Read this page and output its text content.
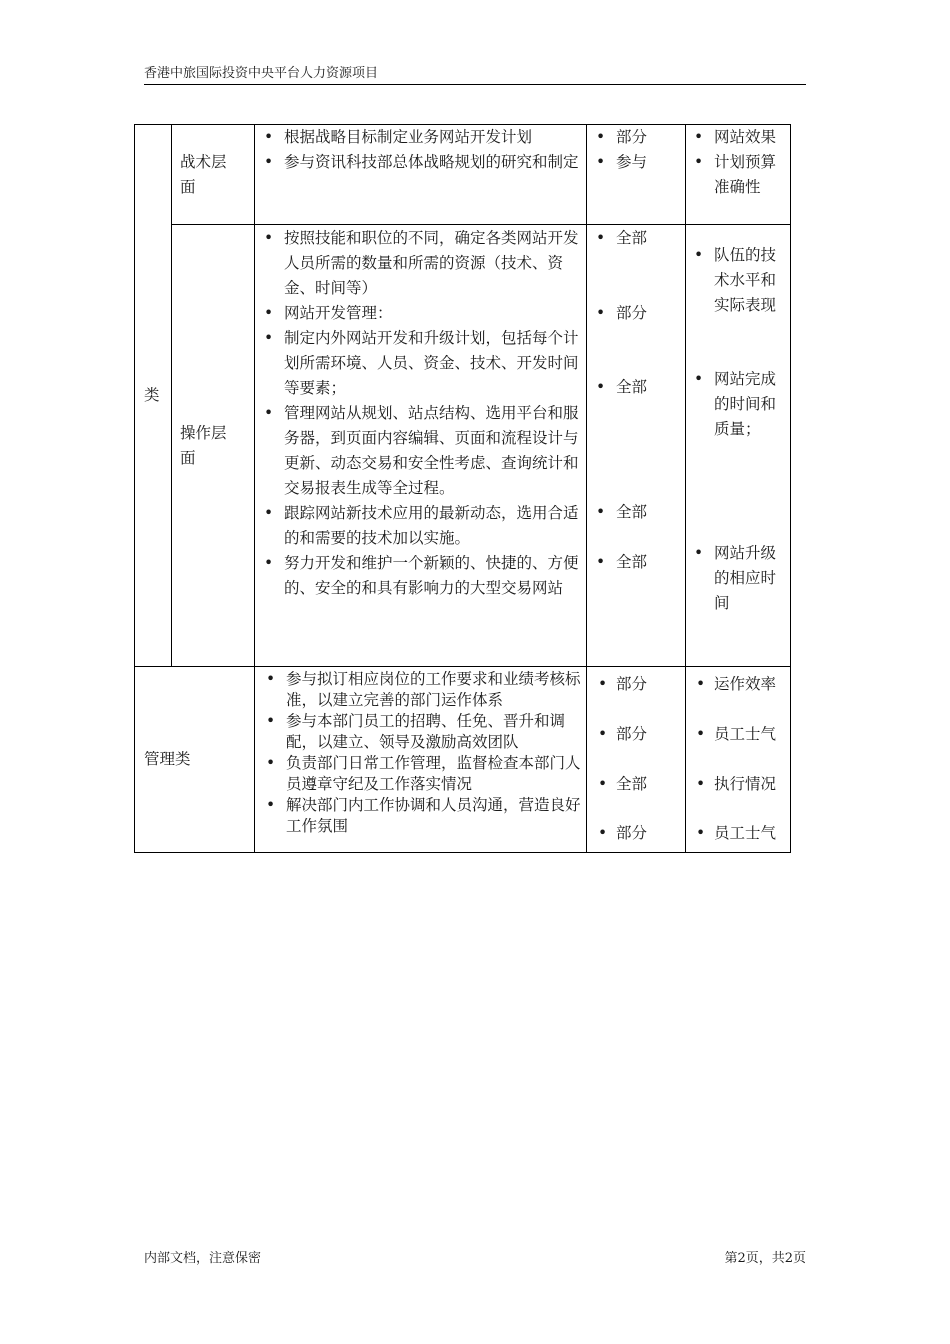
香港中旅国际投资中央平台人力资源项目
类
战术层面
• 根据战略目标制定业务网站开发计划
• 参与资讯科技部总体战略规划的研究和制定
• 部分
• 参与
• 网站效果
• 计划预算准确性
操作层面
• 按照技能和职位的不同，确定各类网站开发人员所需的数量和所需的资源（技术、资金、时间等）
• 网站开发管理：
• 制定内外网站开发和升级计划，包括每个计划所需环境、人员、资金、技术、开发时间等要素；
• 管理网站从规划、站点结构、选用平台和服务器，到页面内容编辑、页面和流程设计与更新、动态交易和安全性考虑、查询统计和交易报表生成等全过程。
• 跟踪网站新技术应用的最新动态，选用合适的和需要的技术加以实施。
• 努力开发和维护一个新颖的、快捷的、方便的、安全的和具有影响力的大型交易网站
• 全部
• 部分
• 全部
• 全部
• 全部
• 队伍的技术水平和实际表现
• 网站完成的时间和质量；
• 网站升级的相应时间
管理类
• 参与拟订相应岗位的工作要求和业绩考核标准，以建立完善的部门运作体系
• 参与本部门员工的招聘、任免、晋升和调配，以建立、领导及激励高效团队
• 负责部门日常工作管理，监督检查本部门人员遵章守纪及工作落实情况
• 解决部门内工作协调和人员沟通，营造良好工作氛围
• 部分
• 部分
• 全部
• 部分
• 运作效率
• 员工士气
• 执行情况
• 员工士气
内部文档，注意保密	第2页，共2页
